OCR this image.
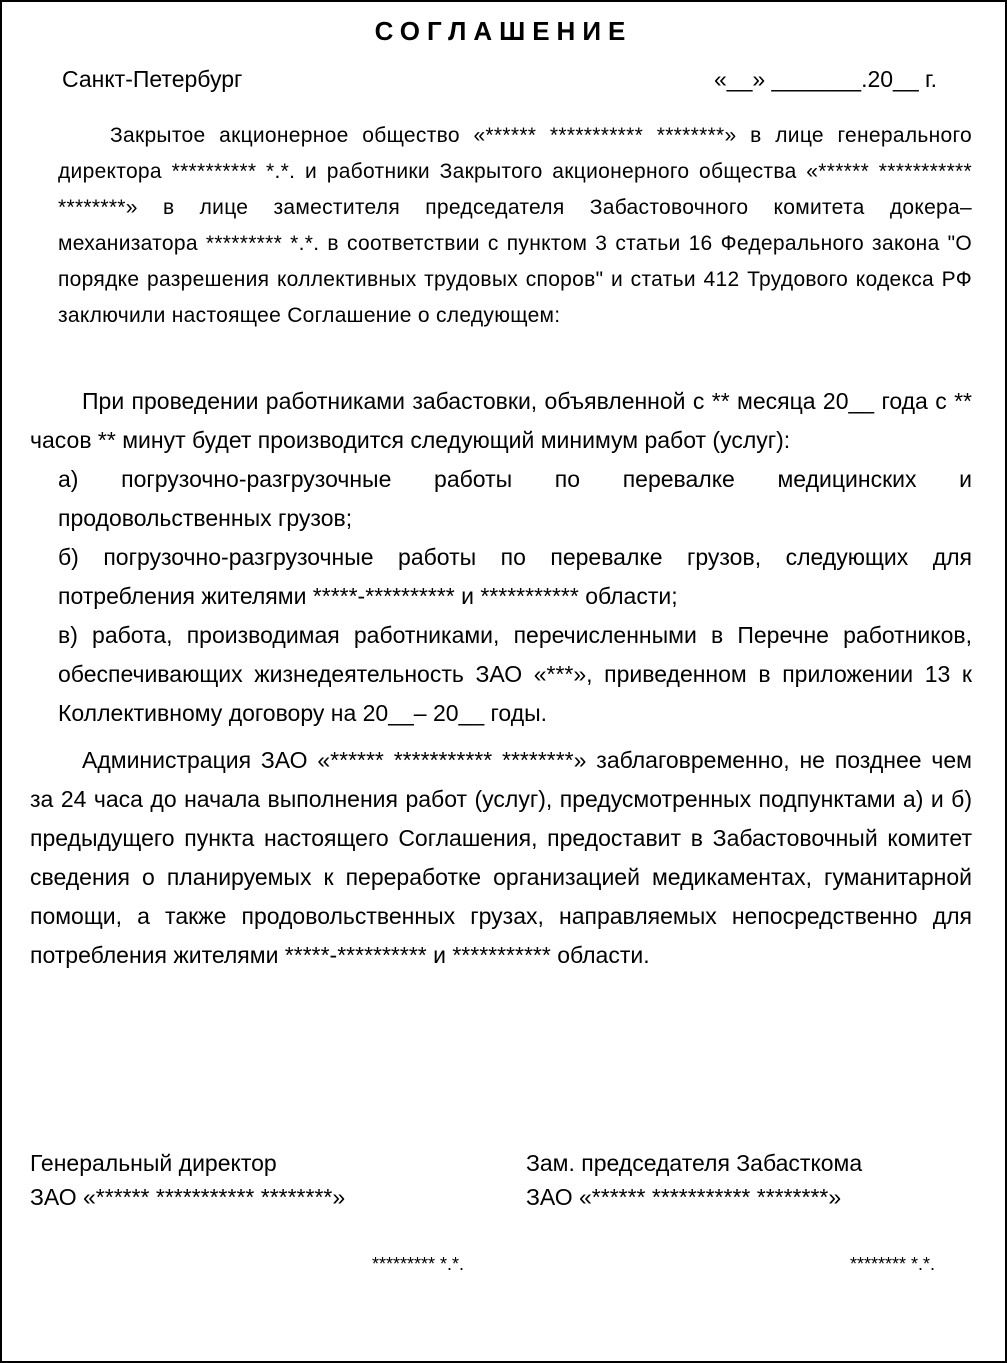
СОГЛАШЕНИЕ
Санкт-Петербург	«__» _______.20__ г.

Закрытое акционерное общество «****** *********** ********» в лице генерального директора ********** *.*. и работники Закрытого акционерного общества «****** *********** ********» в лице заместителя председателя Забастовочного комитета докера–механизатора ********* *.*. в соответствии с пунктом 3 статьи 16 Федерального закона "О порядке разрешения коллективных трудовых споров" и статьи 412 Трудового кодекса РФ заключили настоящее Соглашение о следующем:

При проведении работниками забастовки, объявленной с ** месяца 20__ года с ** часов ** минут будет производится следующий минимум работ (услуг):

а) погрузочно-разгрузочные работы по перевалке медицинских и продовольственных грузов;
б) погрузочно-разгрузочные работы по перевалке грузов, следующих для потребления жителями *****-********** и *********** области;
в) работа, производимая работниками, перечисленными в Перечне работников, обеспечивающих жизнедеятельность ЗАО «***», приведенном в приложении 13 к Коллективному договору на 20__– 20__ годы.

Администрация ЗАО «****** *********** ********» заблаговременно, не позднее чем за 24 часа до начала выполнения работ (услуг), предусмотренных подпунктами а) и б) предыдущего пункта настоящего Соглашения, предоставит в Забастовочный комитет сведения о планируемых к переработке организацией медикаментах, гуманитарной помощи, а также продовольственных грузах, направляемых непосредственно для потребления жителями *****-********** и *********** области.

Генеральный директор
ЗАО «****** *********** ********»
Зам. председателя Забасткома
ЗАО «****** *********** ********»
********* *.*.	******** *.*.
